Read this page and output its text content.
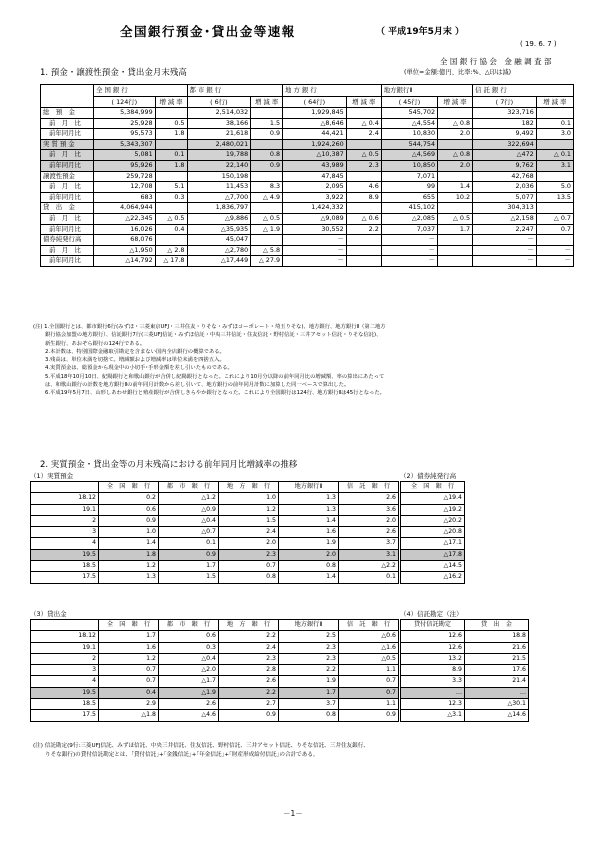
全国銀行預金･貸出金等速報	（ 平成19年5月末 ）
( 19. 6. 7 )
全 国 銀 行 協 会　金 融 調 査 部
1. 預金・譲渡性預金・貸出金月末残高	(単位=金額:億円、比率:%、△印は減)
	全 国 銀 行		都 市 銀 行		地 方 銀 行		地方銀行Ⅱ		信 託 銀 行	
	( 124行)	増 減 率	( 6行)	増 減 率	( 64行)	増 減 率	( 45行)	増 減 率	( 7行)	増 減 率
総　預　金	5,384,999		2,514,032		1,929,845		545,702		323,716	
前　月　比	25,928	0.5	38,166	1.5	△8,646	△ 0.4	△4,554	△ 0.8	182	0.1
前年同月比	95,573	1.8	21,618	0.9	44,421	2.4	10,830	2.0	9,492	3.0
実 質 預 金	5,343,307		2,480,021		1,924,260		544,754		322,694	
前　月　比	5,081	0.1	19,788	0.8	△10,387	△ 0.5	△4,569	△ 0.8	△472	△ 0.1
前年同月比	95,926	1.8	22,140	0.9	43,989	2.3	10,850	2.0	9,762	3.1
譲渡性預金	259,728		150,198		47,845		7,071		42,768	
前　月　比	12,708	5.1	11,453	8.3	2,095	4.6	99	1.4	2,036	5.0
前年同月比	683	0.3	△7,700	△ 4.9	3,922	8.9	655	10.2	5,077	13.5
貸　出　金	4,064,944		1,836,797		1,424,332		415,102		304,313	
前　月　比	△22,345	△ 0.5	△9,886	△ 0.5	△9,089	△ 0.6	△2,085	△ 0.5	△2,158	△ 0.7
前年同月比	16,026	0.4	△35,935	△ 1.9	30,552	2.2	7,037	1.7	2,247	0.7
債券純発行高	68,076		45,047		－		－		－	
前　月　比	△1,950	△ 2.8	△2,780	△ 5.8	－		－		－	－
前年同月比	△14,792	△ 17.8	△17,449	△ 27.9	－		－		－	－
(注) 1.全国銀行とは、都市銀行6行(みずほ・三菱東京UFJ・三井住友・りそな・みずほコーポレート・埼玉りそな)、地方銀行、地方銀行Ⅱ（第二地方
銀行協会加盟の地方銀行）、信託銀行7行(三菱UFJ信託・みずほ信託・中央三井信託・住友信託・野村信託・三井アセット信託・りそな信託)、
新生銀行、あおぞら銀行の124行である。
2.本計数は、特別国際金融取引勘定を含まない国内全店銀行の概算である。
3.残高は、単位未満を切捨て。増減額および増減率は単位未満を四捨五入。
4.実質預金は、総預金から現金中の小切手･手形金額を差し引いたものである。
5.平成18年10月10日、紀陽銀行と和歌山銀行が合併し紀陽銀行となった。これにより10月分以降の前年同月比の増減額、率の算出にあたって
は、和歌山銀行の計数を地方銀行Ⅱの前年同月計数から差し引いて、地方銀行の前年同月計数に加算した同一ベースで算出した。
6.平成19年5月7日、山形しあわせ銀行と殖産銀行が合併しきらやか銀行となった。これにより全国銀行は124行、地方銀行Ⅱは45行となった。
2. 実質預金・貸出金等の月末残高における前年同月比増減率の推移
（1）実質預金	（2）債券純発行高
（3）貸出金	（4）信託勘定（注）
	全　国　銀　行	都　市　銀　行	地　方　銀　行	地方銀行Ⅱ	信　託　銀　行
18.12	0.2	△1.2	1.0	1.3	2.6
19.1	0.6	△0.9	1.2	1.3	3.6
2	0.9	△0.4	1.5	1.4	2.0
3	1.0	△0.7	2.4	1.6	2.6
4	1.4	0.1	2.0	1.9	3.7
19.5	1.8	0.9	2.3	2.0	3.1
18.5	1.2	1.7	0.7	0.8	△2.2
17.5	1.3	1.5	0.8	1.4	0.1
全　国　銀　行
△19.4
△19.2
△20.2
△20.8
△17.1
△17.8
△14.5
△16.2
	全　国　銀　行	都　市　銀　行	地　方　銀　行	地方銀行Ⅱ	信　託　銀　行
18.12	1.7	0.6	2.2	2.5	△0.6
19.1	1.6	0.3	2.4	2.3	△1.6
2	1.2	△0.4	2.3	2.3	△0.5
3	0.7	△2.0	2.8	2.2	1.1
4	0.7	△1.7	2.6	1.9	0.7
19.5	0.4	△1.9	2.2	1.7	0.7
18.5	2.9	2.6	2.7	3.7	1.1
17.5	△1.8	△4.6	0.9	0.8	0.9
貸付信託勘定	貸　出　金
12.6	18.8
12.6	21.6
13.2	21.5
8.9	17.6
3.3	21.4
…	…
12.3	△30.1
△3.1	△14.6
(注) 信託勘定(9行:三菱UFJ信託、みずほ信託、中央三井信託、住友信託、野村信託、三井アセット信託、りそな信託、三井住友銀行、
りそな銀行)の貸付信託勘定とは、｢貸付信託｣+｢金銭信託｣+｢年金信託｣+｢財産形成給付信託｣の合計である。
－1－
